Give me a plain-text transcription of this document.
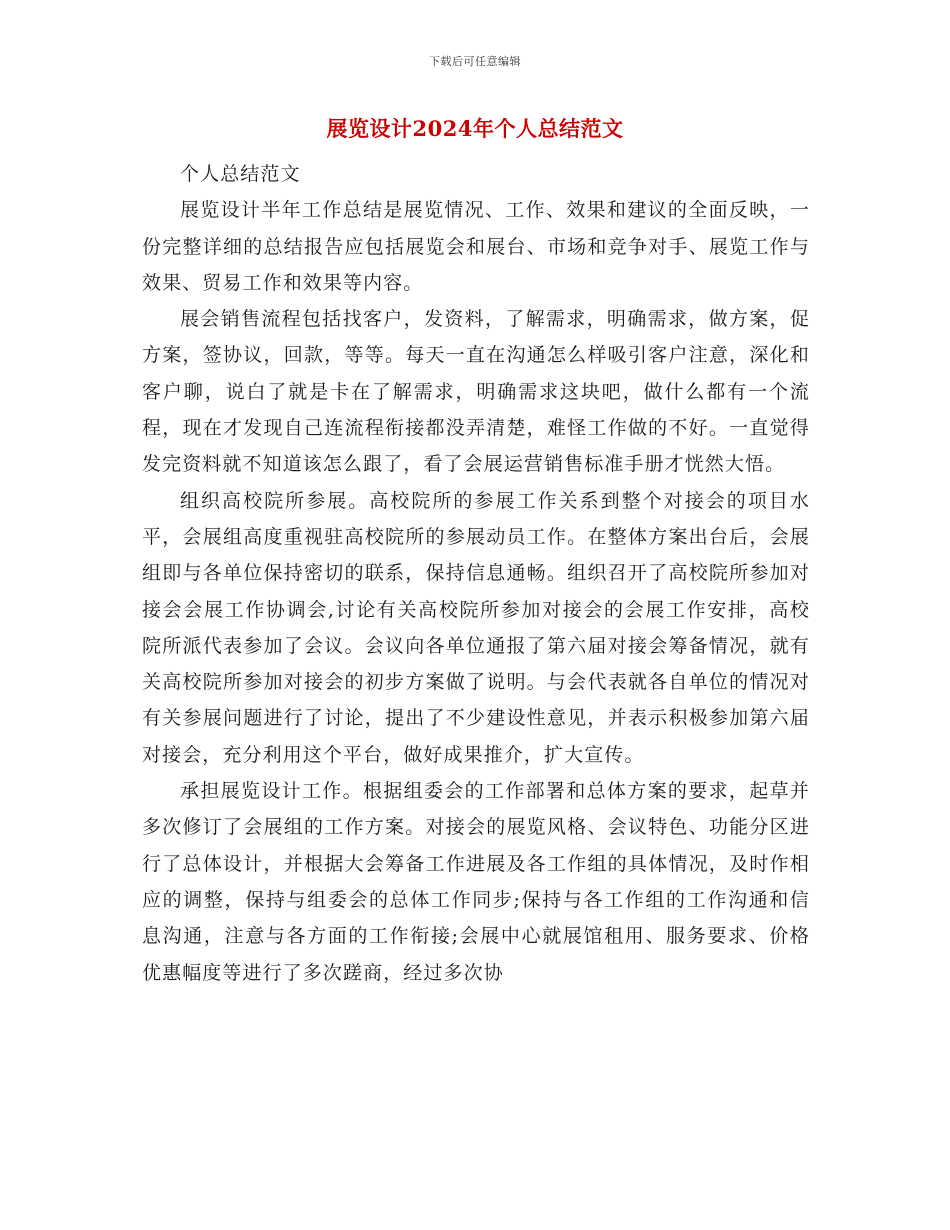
下载后可任意编辑
展览设计2024年个人总结范文

个人总结范文

展览设计半年工作总结是展览情况、工作、效果和建议的全面反映，一份完整详细的总结报告应包括展览会和展台、市场和竞争对手、展览工作与效果、贸易工作和效果等内容。

展会销售流程包括找客户，发资料，了解需求，明确需求，做方案，促方案，签协议，回款，等等。每天一直在沟通怎么样吸引客户注意，深化和客户聊，说白了就是卡在了解需求，明确需求这块吧，做什么都有一个流程，现在才发现自己连流程衔接都没弄清楚，难怪工作做的不好。一直觉得发完资料就不知道该怎么跟了，看了会展运营销售标准手册才恍然大悟。

组织高校院所参展。高校院所的参展工作关系到整个对接会的项目水平，会展组高度重视驻高校院所的参展动员工作。在整体方案出台后，会展组即与各单位保持密切的联系，保持信息通畅。组织召开了高校院所参加对接会会展工作协调会,讨论有关高校院所参加对接会的会展工作安排，高校院所派代表参加了会议。会议向各单位通报了第六届对接会筹备情况，就有关高校院所参加对接会的初步方案做了说明。与会代表就各自单位的情况对有关参展问题进行了讨论，提出了不少建设性意见，并表示积极参加第六届对接会，充分利用这个平台，做好成果推介，扩大宣传。

承担展览设计工作。根据组委会的工作部署和总体方案的要求，起草并多次修订了会展组的工作方案。对接会的展览风格、会议特色、功能分区进行了总体设计，并根据大会筹备工作进展及各工作组的具体情况，及时作相应的调整，保持与组委会的总体工作同步;保持与各工作组的工作沟通和信息沟通，注意与各方面的工作衔接;会展中心就展馆租用、服务要求、价格优惠幅度等进行了多次蹉商，经过多次协
